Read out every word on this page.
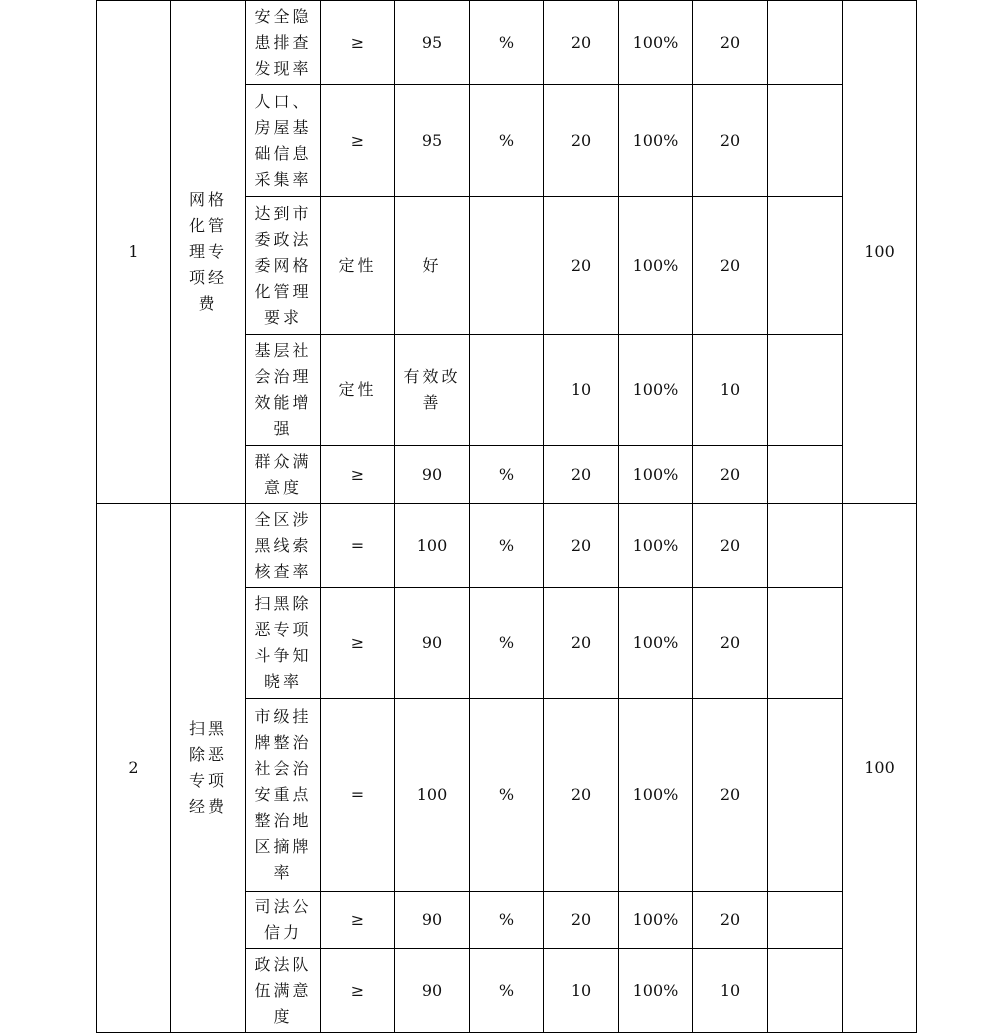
1	网格化管理专项经费	安全隐患排查发现率	≥	95	%	20	100%	20		100

		人口、房屋基础信息采集率	≥	95	%	20	100%	20		

		达到市委政法委网格化管理要求	定性	好		20	100%	20		

		基层社会治理效能增强	定性	有效改善		10	100%	10		

		群众满意度	≥	90	%	20	100%	20		
2	扫黑除恶专项经费	全区涉黑线索核查率	=	100	%	20	100%	20		100

		扫黑除恶专项斗争知晓率	≥	90	%	20	100%	20		

		市级挂牌整治社会治安重点整治地区摘牌率	=	100	%	20	100%	20		

		司法公信力	≥	90	%	20	100%	20		

		政法队伍满意度	≥	90	%	10	100%	10		
